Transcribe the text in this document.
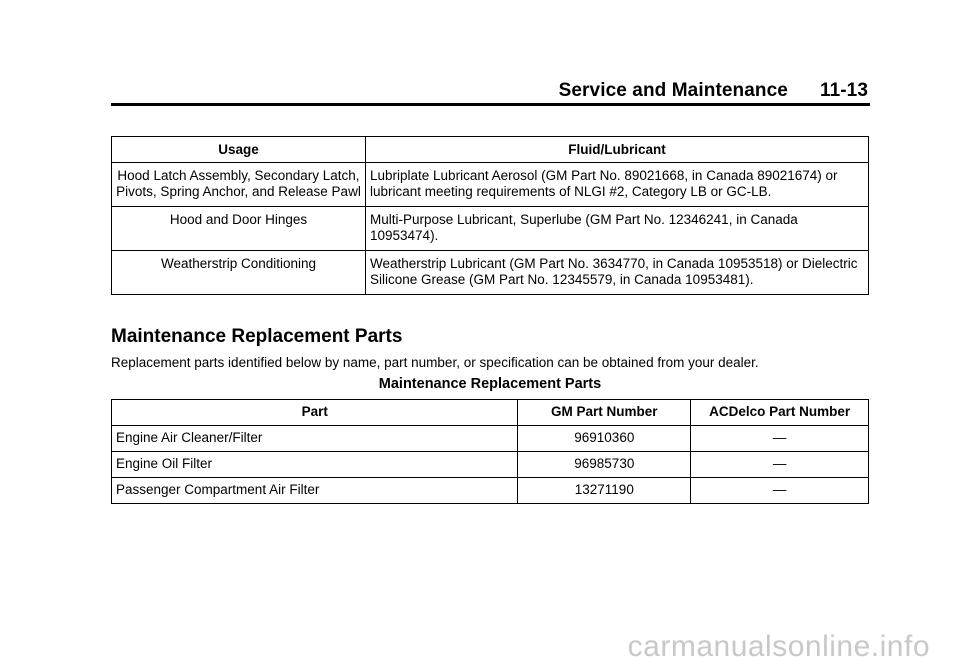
Service and Maintenance 11-13
Usage	Fluid/Lubricant
Hood Latch Assembly, Secondary Latch, Pivots, Spring Anchor, and Release Pawl	Lubriplate Lubricant Aerosol (GM Part No. 89021668, in Canada 89021674) or lubricant meeting requirements of NLGI #2, Category LB or GC-LB.
Hood and Door Hinges	Multi-Purpose Lubricant, Superlube (GM Part No. 12346241, in Canada 10953474).
Weatherstrip Conditioning	Weatherstrip Lubricant (GM Part No. 3634770, in Canada 10953518) or Dielectric Silicone Grease (GM Part No. 12345579, in Canada 10953481).
Maintenance Replacement Parts
Replacement parts identified below by name, part number, or specification can be obtained from your dealer.
Maintenance Replacement Parts
Part	GM Part Number	ACDelco Part Number
Engine Air Cleaner/Filter	96910360	—
Engine Oil Filter	96985730	—
Passenger Compartment Air Filter	13271190	—
carmanualsonline.info
